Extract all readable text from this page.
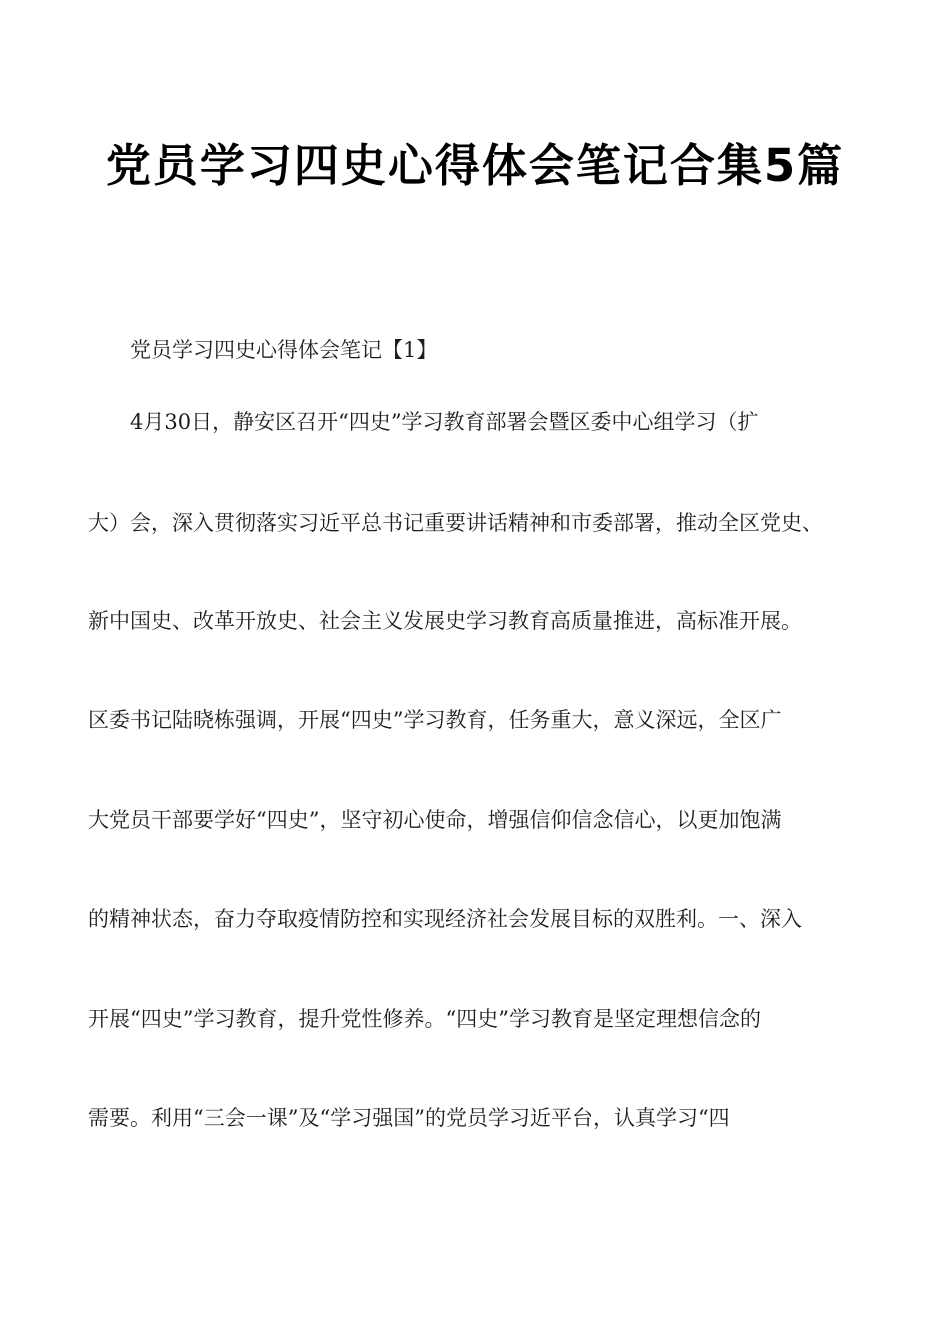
党员学习四史心得体会笔记合集5篇

党员学习四史心得体会笔记【1】

4月30日，静安区召开“四史”学习教育部署会暨区委中心组学习（扩

大）会，深入贯彻落实习近平总书记重要讲话精神和市委部署，推动全区党史、

新中国史、改革开放史、社会主义发展史学习教育高质量推进，高标准开展。

区委书记陆晓栋强调，开展“四史”学习教育，任务重大，意义深远，全区广

大党员干部要学好“四史”，坚守初心使命，增强信仰信念信心，以更加饱满

的精神状态，奋力夺取疫情防控和实现经济社会发展目标的双胜利。一、深入

开展“四史”学习教育，提升党性修养。“四史”学习教育是坚定理想信念的

需要。利用“三会一课”及“学习强国”的党员学习近平台，认真学习“四
